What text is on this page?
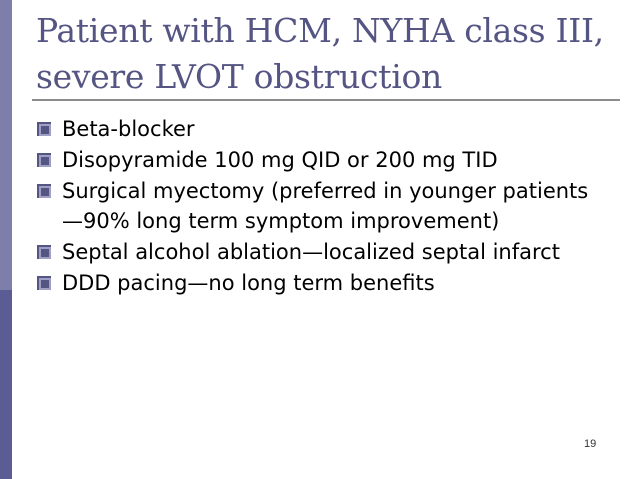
Patient with HCM, NYHA class III,
severe LVOT obstruction
Beta-blocker
Disopyramide 100 mg QID or 200 mg TID
Surgical myectomy (preferred in younger patients—90% long term symptom improvement)
Septal alcohol ablation—localized septal infarct
DDD pacing—no long term benefits
19
